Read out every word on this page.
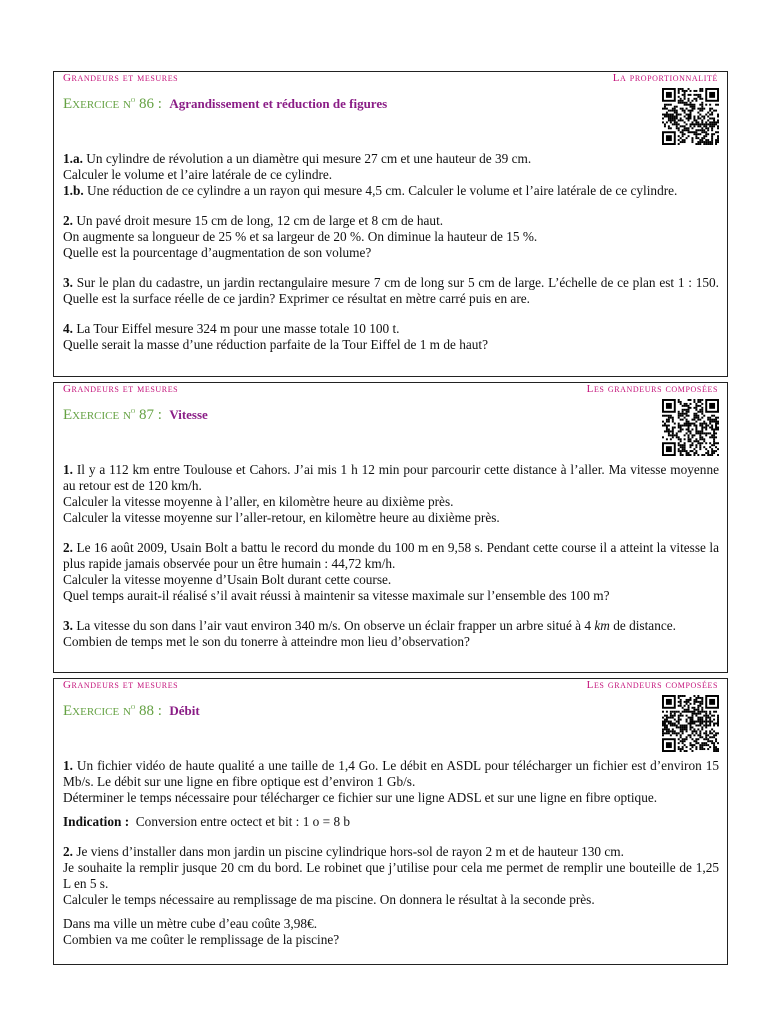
Grandeurs et mesures	La proportionnalité
Exercice $n^o$ 86 : Agrandissement et réduction de figures

1.a. Un cylindre de révolution a un diamètre qui mesure 27 cm et une hauteur de 39 cm.

Calculer le volume et l’aire latérale de ce cylindre.

1.b. Une réduction de ce cylindre a un rayon qui mesure 4,5 cm. Calculer le volume et l’aire latérale de ce cylindre.

2. Un pavé droit mesure 15 cm de long, 12 cm de large et 8 cm de haut.

On augmente sa longueur de 25 % et sa largeur de 20 %. On diminue la hauteur de 15 %.

Quelle est la pourcentage d’augmentation de son volume?

3. Sur le plan du cadastre, un jardin rectangulaire mesure 7 cm de long sur 5 cm de large. L’échelle de ce plan est 1 : 150. Quelle est la surface réelle de ce jardin? Exprimer ce résultat en mètre carré puis en are.

4. La Tour Eiffel mesure 324 m pour une masse totale 10 100 t.

Quelle serait la masse d’une réduction parfaite de la Tour Eiffel de 1 m de haut?

Grandeurs et mesures	Les grandeurs composées
Exercice $n^o$ 87 : Vitesse

1. Il y a 112 km entre Toulouse et Cahors. J’ai mis 1 h 12 min pour parcourir cette distance à l’aller. Ma vitesse moyenne au retour est de 120 km/h.

Calculer la vitesse moyenne à l’aller, en kilomètre heure au dixième près.

Calculer la vitesse moyenne sur l’aller-retour, en kilomètre heure au dixième près.

2. Le 16 août 2009, Usain Bolt a battu le record du monde du 100 m en 9,58 s. Pendant cette course il a atteint la vitesse la plus rapide jamais observée pour un être humain : 44,72 km/h.

Calculer la vitesse moyenne d’Usain Bolt durant cette course.

Quel temps aurait-il réalisé s’il avait réussi à maintenir sa vitesse maximale sur l’ensemble des 100 m?

3. La vitesse du son dans l’air vaut environ 340 m/s. On observe un éclair frapper un arbre situé à 4 km de distance.

Combien de temps met le son du tonerre à atteindre mon lieu d’observation?

Grandeurs et mesures	Les grandeurs composées
Exercice $n^o$ 88 : Débit

1. Un fichier vidéo de haute qualité a une taille de 1,4 Go. Le débit en ASDL pour télécharger un fichier est d’environ 15 Mb/s. Le débit sur une ligne en fibre optique est d’environ 1 Gb/s.

Déterminer le temps nécessaire pour télécharger ce fichier sur une ligne ADSL et sur une ligne en fibre optique.

Indication : Conversion entre octect et bit : 1 o = 8 b

2. Je viens d’installer dans mon jardin un piscine cylindrique hors-sol de rayon 2 m et de hauteur 130 cm.

Je souhaite la remplir jusque 20 cm du bord. Le robinet que j’utilise pour cela me permet de remplir une bouteille de 1,25 L en 5 s.

Calculer le temps nécessaire au remplissage de ma piscine. On donnera le résultat à la seconde près.

Dans ma ville un mètre cube d’eau coûte 3,98€.

Combien va me coûter le remplissage de la piscine?
